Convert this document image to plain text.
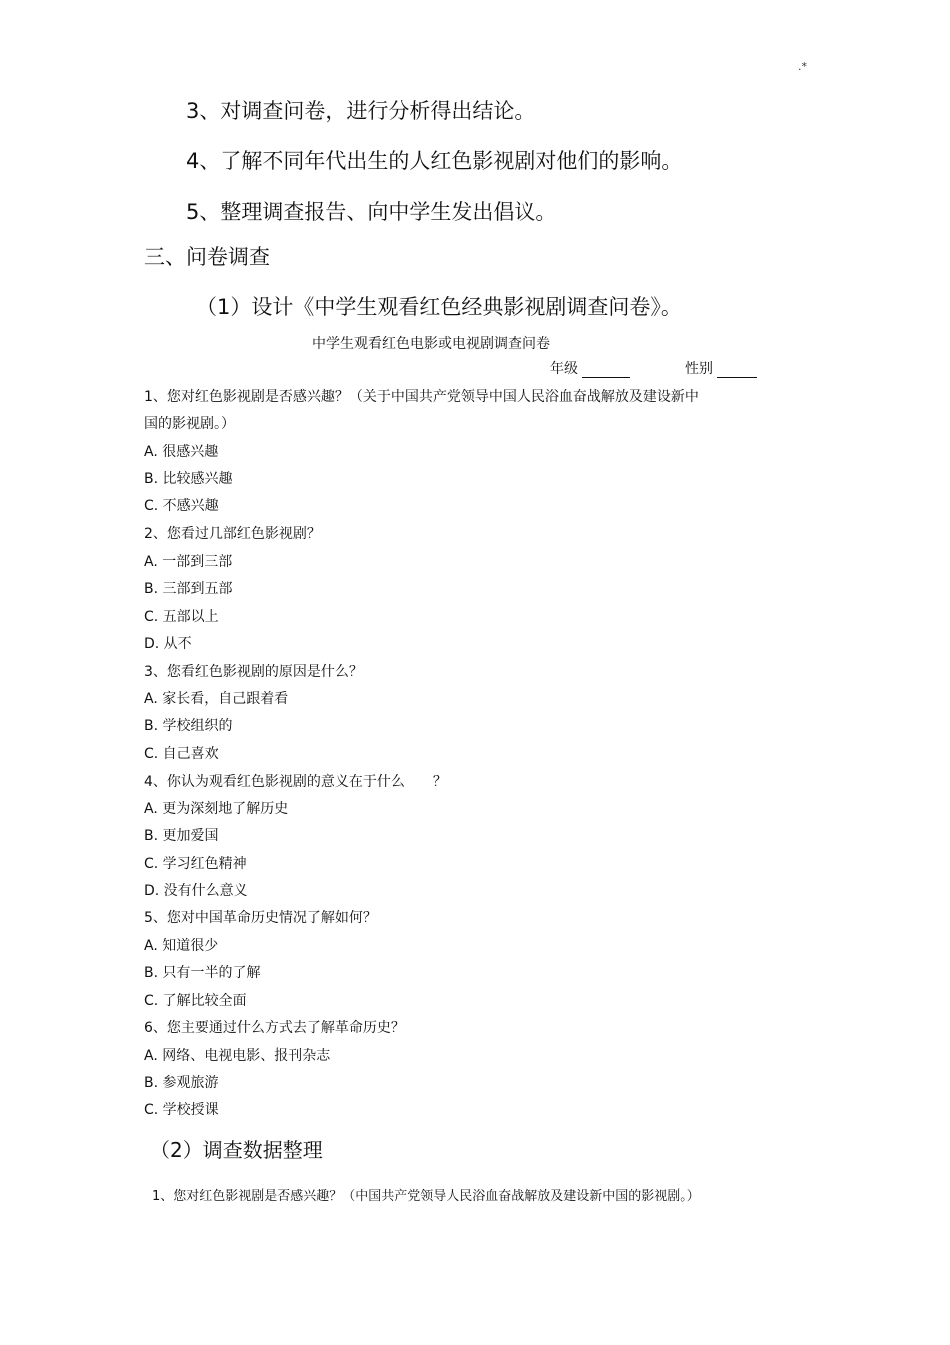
.*
3、对调查问卷，进行分析得出结论。
4、了解不同年代出生的人红色影视剧对他们的影响。
5、整理调查报告、向中学生发出倡议。
三、问卷调查
（1）设计《中学生观看红色经典影视剧调查问卷》。
中学生观看红色电影或电视剧调查问卷
年级	性别
1、您对红色影视剧是否感兴趣？（关于中国共产党领导中国人民浴血奋战解放及建设新中
国的影视剧。）
A. 很感兴趣
B. 比较感兴趣
C. 不感兴趣
2、您看过几部红色影视剧？
A. 一部到三部
B. 三部到五部
C. 五部以上
D. 从不
3、您看红色影视剧的原因是什么？
A. 家长看，自己跟着看
B. 学校组织的
C. 自己喜欢
4、你认为观看红色影视剧的意义在于什么　　？
A. 更为深刻地了解历史
B. 更加爱国
C. 学习红色精神
D. 没有什么意义
5、您对中国革命历史情况了解如何？
A. 知道很少
B. 只有一半的了解
C. 了解比较全面
6、您主要通过什么方式去了解革命历史？
A. 网络、电视电影、报刊杂志
B. 参观旅游
C. 学校授课
（2）调查数据整理
1、您对红色影视剧是否感兴趣？（中国共产党领导人民浴血奋战解放及建设新中国的影视剧。）
